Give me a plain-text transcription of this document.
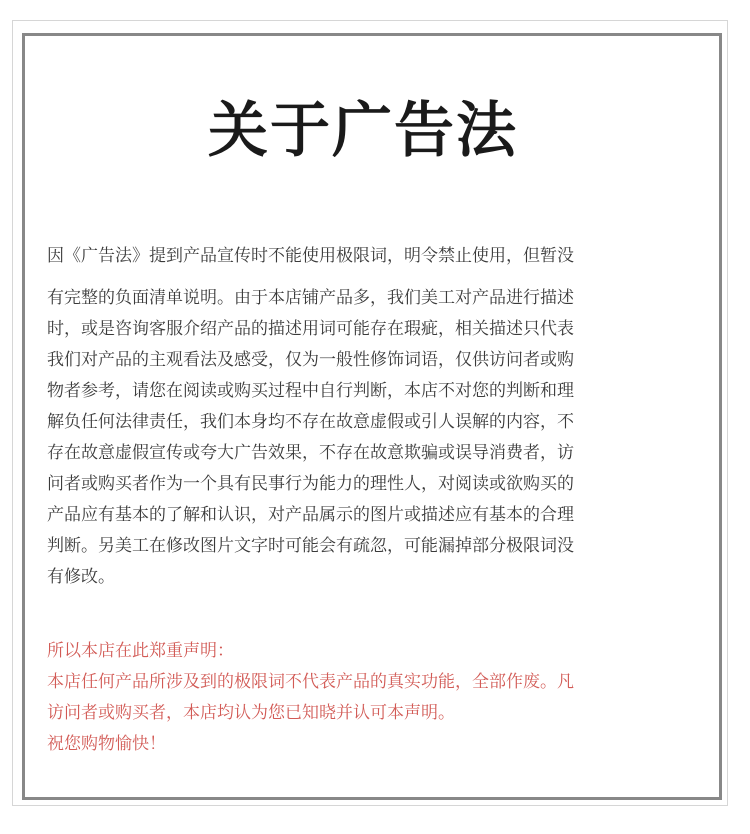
关于广告法
因《广告法》提到产品宣传时不能使用极限词，明令禁止使用，但暂没
有完整的负面清单说明。由于本店铺产品多，我们美工对产品进行描述
时，或是咨询客服介绍产品的描述用词可能存在瑕疵，相关描述只代表
我们对产品的主观看法及感受，仅为一般性修饰词语，仅供访问者或购
物者参考，请您在阅读或购买过程中自行判断，本店不对您的判断和理
解负任何法律责任，我们本身均不存在故意虚假或引人误解的内容，不
存在故意虚假宣传或夸大广告效果，不存在故意欺骗或误导消费者，访
问者或购买者作为一个具有民事行为能力的理性人，对阅读或欲购买的
产品应有基本的了解和认识，对产品属示的图片或描述应有基本的合理
判断。另美工在修改图片文字时可能会有疏忽，可能漏掉部分极限词没
有修改。
所以本店在此郑重声明：
本店任何产品所涉及到的极限词不代表产品的真实功能，全部作废。凡
访问者或购买者，本店均认为您已知晓并认可本声明。
祝您购物愉快！
